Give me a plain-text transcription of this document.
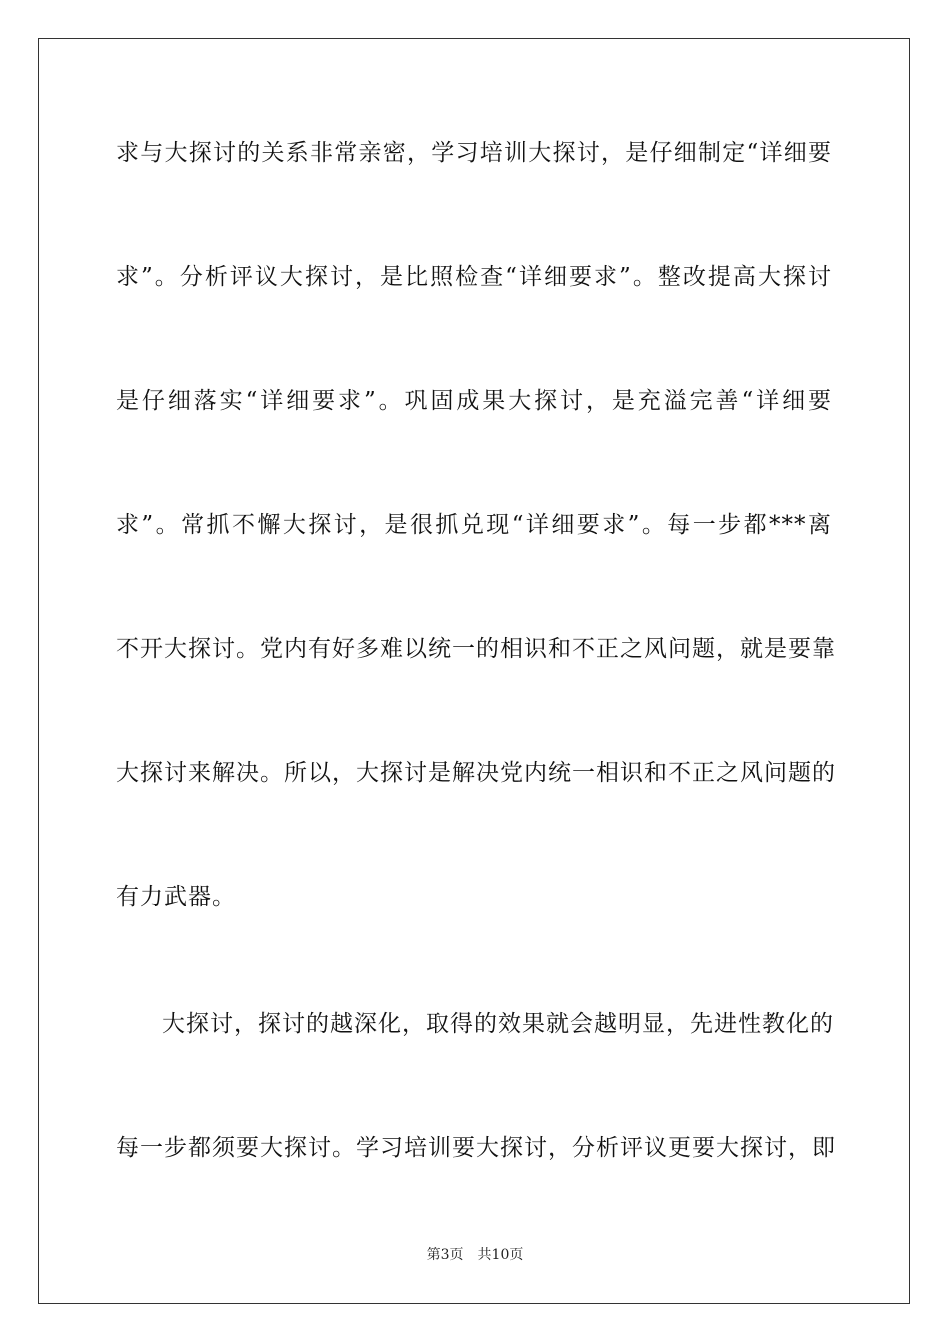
求与大探讨的关系非常亲密，学习培训大探讨，是仔细制定“详细要
求”。分析评议大探讨，是比照检查“详细要求”。整改提高大探讨
是仔细落实“详细要求”。巩固成果大探讨，是充溢完善“详细要
求”。常抓不懈大探讨，是很抓兑现“详细要求”。每一步都***离
不开大探讨。党内有好多难以统一的相识和不正之风问题，就是要靠
大探讨来解决。所以，大探讨是解决党内统一相识和不正之风问题的
有力武器。
大探讨，探讨的越深化，取得的效果就会越明显，先进性教化的
每一步都须要大探讨。学习培训要大探讨，分析评议更要大探讨，即
第3页 共10页
